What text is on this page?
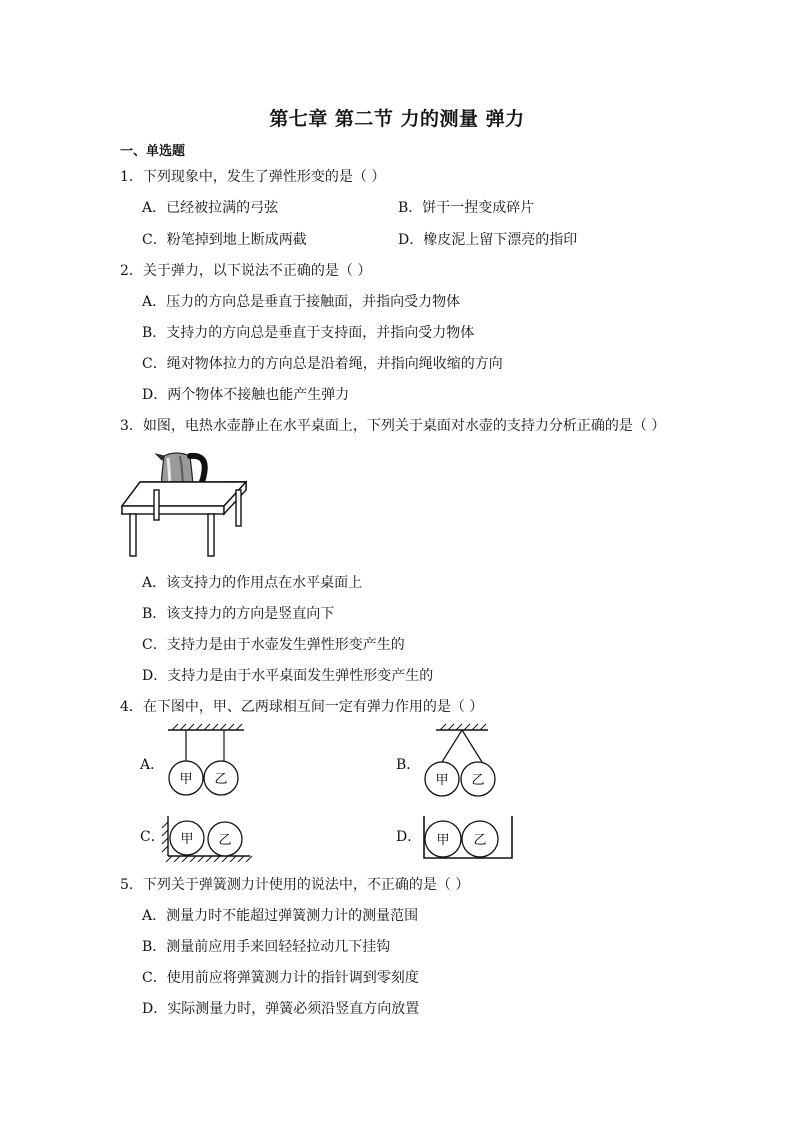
第七章 第二节 力的测量 弹力
一、单选题
1．下列现象中，发生了弹性形变的是（ ）
A．已经被拉满的弓弦	B．饼干一捏变成碎片
C．粉笔掉到地上断成两截	D．橡皮泥上留下漂亮的指印
2．关于弹力，以下说法不正确的是（ ）
A．压力的方向总是垂直于接触面，并指向受力物体
B．支持力的方向总是垂直于支持面，并指向受力物体
C．绳对物体拉力的方向总是沿着绳，并指向绳收缩的方向
D．两个物体不接触也能产生弹力
3．如图，电热水壶静止在水平桌面上，下列关于桌面对水壶的支持力分析正确的是（ ）
A．该支持力的作用点在水平桌面上
B．该支持力的方向是竖直向下
C．支持力是由于水壶发生弹性形变产生的
D．支持力是由于水平桌面发生弹性形变产生的
4．在下图中，甲、乙两球相互间一定有弹力作用的是（ ）
A．	B．
C．	D．
甲 乙	甲 乙
甲 乙	甲 乙
5．下列关于弹簧测力计使用的说法中，不正确的是（ ）
A．测量力时不能超过弹簧测力计的测量范围
B．测量前应用手来回轻轻拉动几下挂钩
C．使用前应将弹簧测力计的指针调到零刻度
D．实际测量力时，弹簧必须沿竖直方向放置
